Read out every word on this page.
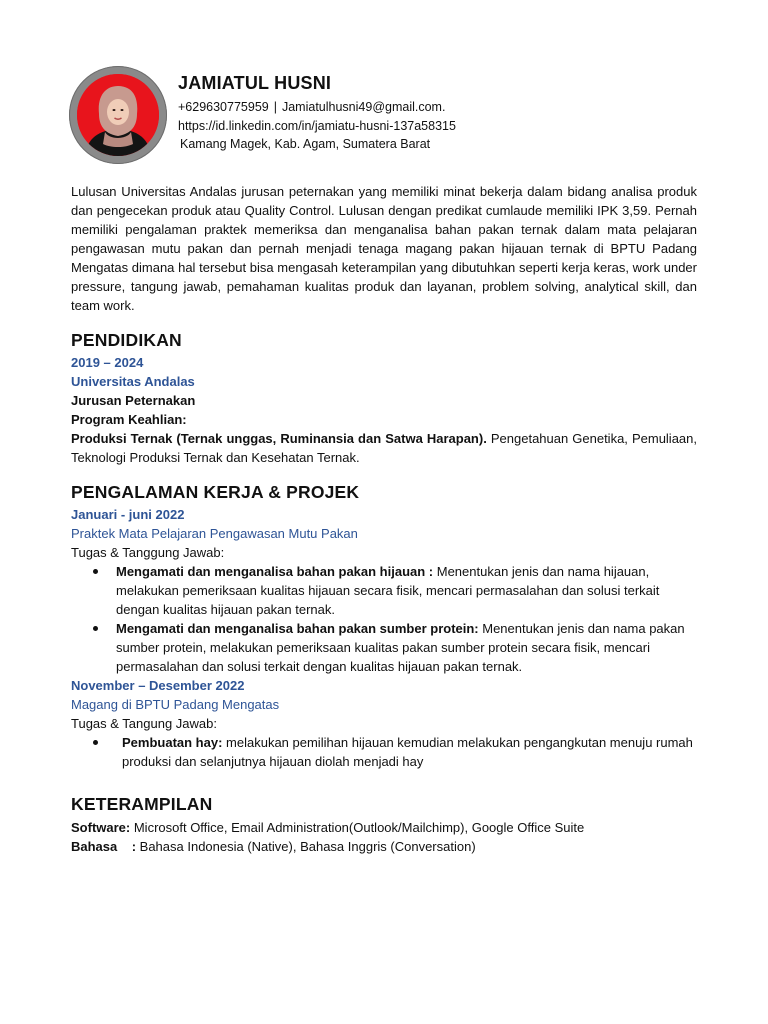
JAMIATUL HUSNI
+629630775959 | Jamiatulhusni49@gmail.com.
https://id.linkedin.com/in/jamiatu-husni-137a58315
Kamang Magek, Kab. Agam, Sumatera Barat
Lulusan Universitas Andalas jurusan peternakan yang memiliki minat bekerja dalam bidang analisa produk dan pengecekan produk atau Quality Control. Lulusan dengan predikat cumlaude memiliki IPK 3,59. Pernah memiliki pengalaman praktek memeriksa dan menganalisa bahan pakan ternak dalam mata pelajaran pengawasan mutu pakan dan pernah menjadi tenaga magang pakan hijauan ternak di BPTU Padang Mengatas dimana hal tersebut bisa mengasah keterampilan yang dibutuhkan seperti kerja keras, work under pressure, tangung jawab, pemahaman kualitas produk dan layanan, problem solving, analytical skill, dan team work.
PENDIDIKAN
2019 – 2024
Universitas Andalas
Jurusan Peternakan
Program Keahlian:
Produksi Ternak (Ternak unggas, Ruminansia dan Satwa Harapan). Pengetahuan Genetika, Pemuliaan, Teknologi Produksi Ternak dan Kesehatan Ternak.
PENGALAMAN KERJA & PROJEK
Januari - juni 2022
Praktek Mata Pelajaran Pengawasan Mutu Pakan
Tugas & Tanggung Jawab:
Mengamati dan menganalisa bahan pakan hijauan : Menentukan jenis dan nama hijauan, melakukan pemeriksaan kualitas hijauan secara fisik, mencari permasalahan dan solusi terkait dengan kualitas hijauan pakan ternak.
Mengamati dan menganalisa bahan pakan sumber protein: Menentukan jenis dan nama pakan sumber protein, melakukan pemeriksaan kualitas pakan sumber protein secara fisik, mencari permasalahan dan solusi terkait dengan kualitas hijauan pakan ternak.
November – Desember 2022
Magang di BPTU Padang Mengatas
Tugas & Tangung Jawab:
Pembuatan hay: melakukan pemilihan hijauan kemudian melakukan pengangkutan menuju rumah produksi dan selanjutnya hijauan diolah menjadi hay
KETERAMPILAN
Software: Microsoft Office, Email Administration(Outlook/Mailchimp), Google Office Suite
Bahasa    : Bahasa Indonesia (Native), Bahasa Inggris (Conversation)
